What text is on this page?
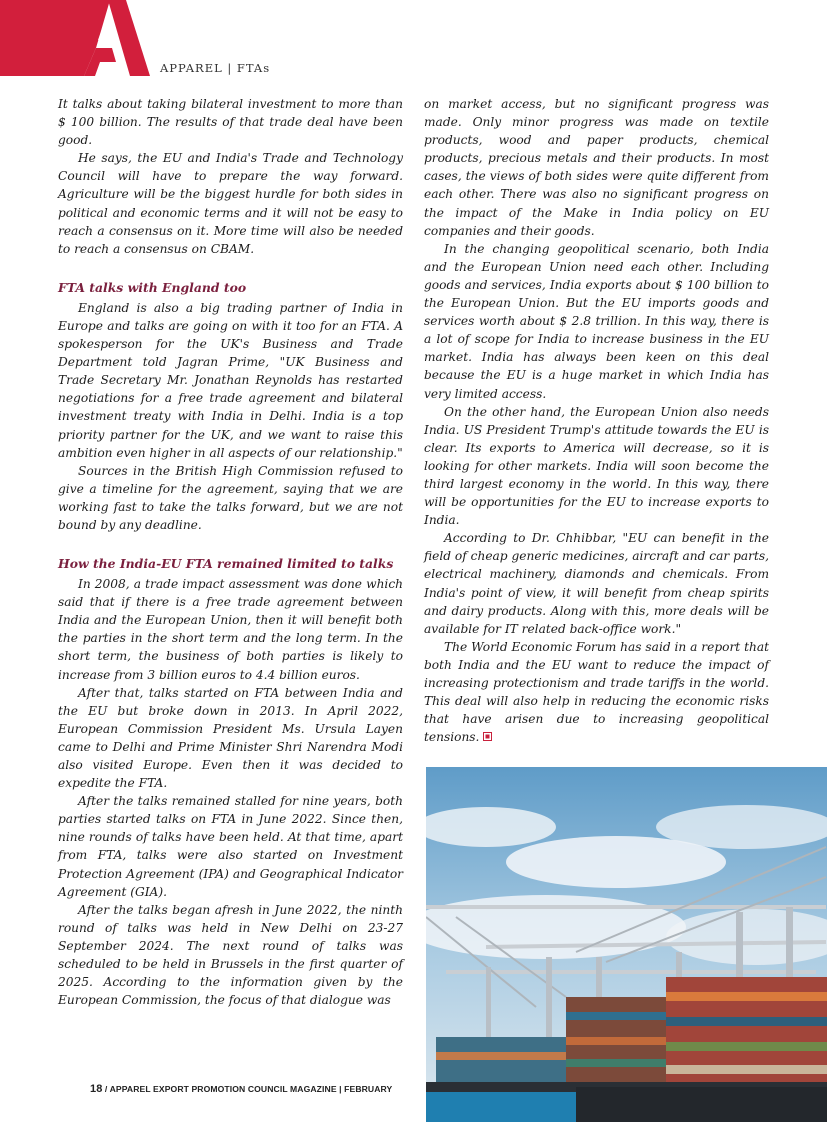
APPAREL | FTAs

It talks about taking bilateral investment to more than $ 100 billion. The results of that trade deal have been good.

He says, the EU and India's Trade and Technology Council will have to prepare the way forward. Agriculture will be the biggest hurdle for both sides in political and economic terms and it will not be easy to reach a consensus on it. More time will also be needed to reach a consensus on CBAM.

FTA talks with England too

England is also a big trading partner of India in Europe and talks are going on with it too for an FTA. A spokesperson for the UK's Business and Trade Department told Jagran Prime, "UK Business and Trade Secretary Mr. Jonathan Reynolds has restarted negotiations for a free trade agreement and bilateral investment treaty with India in Delhi. India is a top priority partner for the UK, and we want to raise this ambition even higher in all aspects of our relationship."

Sources in the British High Commission refused to give a timeline for the agreement, saying that we are working fast to take the talks forward, but we are not bound by any deadline.

How the India-EU FTA remained limited to talks

In 2008, a trade impact assessment was done which said that if there is a free trade agreement between India and the European Union, then it will benefit both the parties in the short term and the long term. In the short term, the business of both parties is likely to increase from 3 billion euros to 4.4 billion euros.

After that, talks started on FTA between India and the EU but broke down in 2013. In April 2022, European Commission President Ms. Ursula Layen came to Delhi and Prime Minister Shri Narendra Modi also visited Europe. Even then it was decided to expedite the FTA.

After the talks remained stalled for nine years, both parties started talks on FTA in June 2022. Since then, nine rounds of talks have been held. At that time, apart from FTA, talks were also started on Investment Protection Agreement (IPA) and Geographical Indicator Agreement (GIA).

After the talks began afresh in June 2022, the ninth round of talks was held in New Delhi on 23-27 September 2024. The next round of talks was scheduled to be held in Brussels in the first quarter of 2025. According to the information given by the European Commission, the focus of that dialogue was

on market access, but no significant progress was made. Only minor progress was made on textile products, wood and paper products, chemical products, precious metals and their products. In most cases, the views of both sides were quite different from each other. There was also no significant progress on the impact of the Make in India policy on EU companies and their goods.

In the changing geopolitical scenario, both India and the European Union need each other. Including goods and services, India exports about $ 100 billion to the European Union. But the EU imports goods and services worth about $ 2.8 trillion. In this way, there is a lot of scope for India to increase business in the EU market. India has always been keen on this deal because the EU is a huge market in which India has very limited access.

On the other hand, the European Union also needs India. US President Trump's attitude towards the EU is clear. Its exports to America will decrease, so it is looking for other markets. India will soon become the third largest economy in the world. In this way, there will be opportunities for the EU to increase exports to India.

According to Dr. Chhibbar, "EU can benefit in the field of cheap generic medicines, aircraft and car parts, electrical machinery, diamonds and chemicals. From India's point of view, it will benefit from cheap spirits and dairy products. Along with this, more deals will be available for IT related back-office work."

The World Economic Forum has said in a report that both India and the EU want to reduce the impact of increasing protectionism and trade tariffs in the world. This deal will also help in reducing the economic risks that have arisen due to increasing geopolitical tensions.

18 / APPAREL EXPORT PROMOTION COUNCIL MAGAZINE | FEBRUARY
